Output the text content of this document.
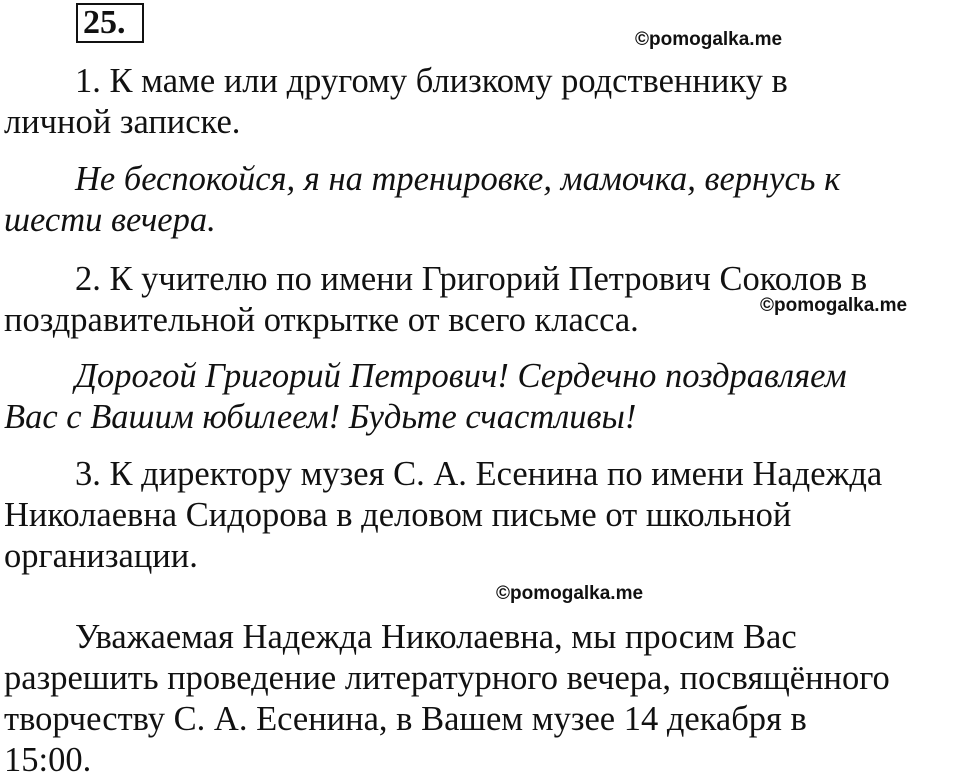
25.

1. К маме или другому близкому родственнику в
личной записке.

Не беспокойся, я на тренировке, мамочка, вернусь к
шести вечера.

2. К учителю по имени Григорий Петрович Соколов в
поздравительной открытке от всего класса.

Дорогой Григорий Петрович! Сердечно поздравляем
Вас с Вашим юбилеем! Будьте счастливы!

3. К директору музея С. А. Есенина по имени Надежда
Николаевна Сидорова в деловом письме от школьной
организации.

Уважаемая Надежда Николаевна, мы просим Вас
разрешить проведение литературного вечера, посвящённого
творчеству С. А. Есенина, в Вашем музее 14 декабря в
15:00.

©pomogalka.me
©pomogalka.me
©pomogalka.me
